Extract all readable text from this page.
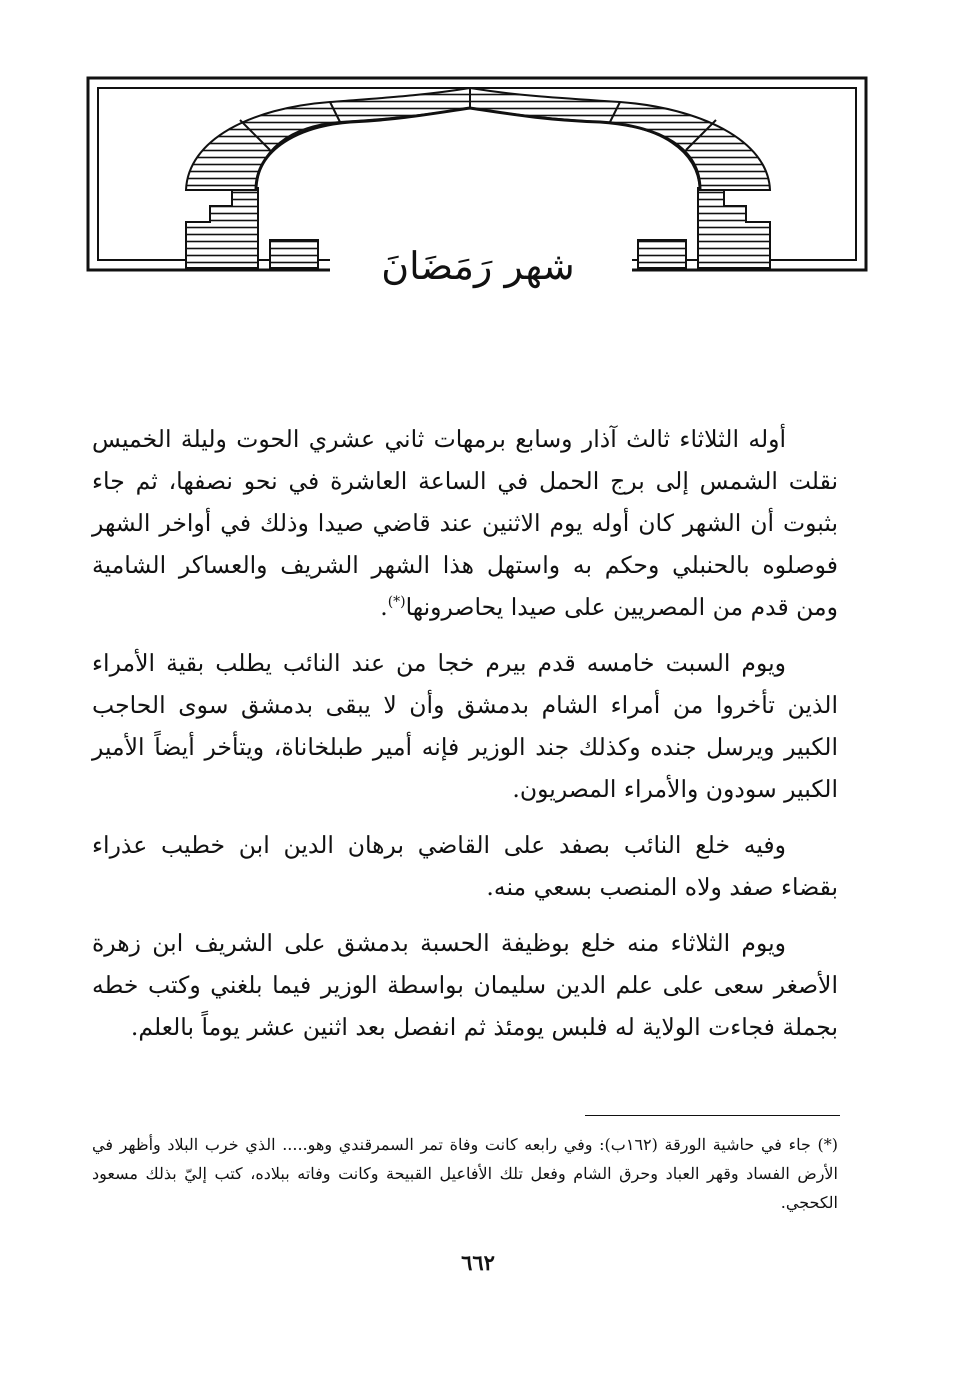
شهر رَمَضَانَ

أوله الثلاثاء ثالث آذار وسابع برمهات ثاني عشري الحوت وليلة الخميس نقلت الشمس إلى برج الحمل في الساعة العاشرة في نحو نصفها، ثم جاء بثبوت أن الشهر كان أوله يوم الاثنين عند قاضي صيدا وذلك في أواخر الشهر فوصلوه بالحنبلي وحكم به واستهل هذا الشهر الشريف والعساكر الشامية ومن قدم من المصريين على صيدا يحاصرونها(*).

ويوم السبت خامسه قدم بيرم خجا من عند النائب يطلب بقية الأمراء الذين تأخروا من أمراء الشام بدمشق وأن لا يبقى بدمشق سوى الحاجب الكبير ويرسل جنده وكذلك جند الوزير فإنه أمير طبلخاناة، ويتأخر أيضاً الأمير الكبير سودون والأمراء المصريون.

وفيه خلع النائب بصفد على القاضي برهان الدين ابن خطيب عذراء بقضاء صفد ولاه المنصب بسعي منه.

ويوم الثلاثاء منه خلع بوظيفة الحسبة بدمشق على الشريف ابن زهرة الأصغر سعى على علم الدين سليمان بواسطة الوزير فيما بلغني وكتب خطه بجملة فجاءت الولاية له فلبس يومئذ ثم انفصل بعد اثنين عشر يوماً بالعلم.

(*) جاء في حاشية الورقة (١٦٢ب): وفي رابعه كانت وفاة تمر السمرقندي وهو..... الذي خرب البلاد وأظهر في الأرض الفساد وقهر العباد وحرق الشام وفعل تلك الأفاعيل القبيحة وكانت وفاته ببلاده، كتب إليّ بذلك مسعود الكحجي.
٦٦٢
